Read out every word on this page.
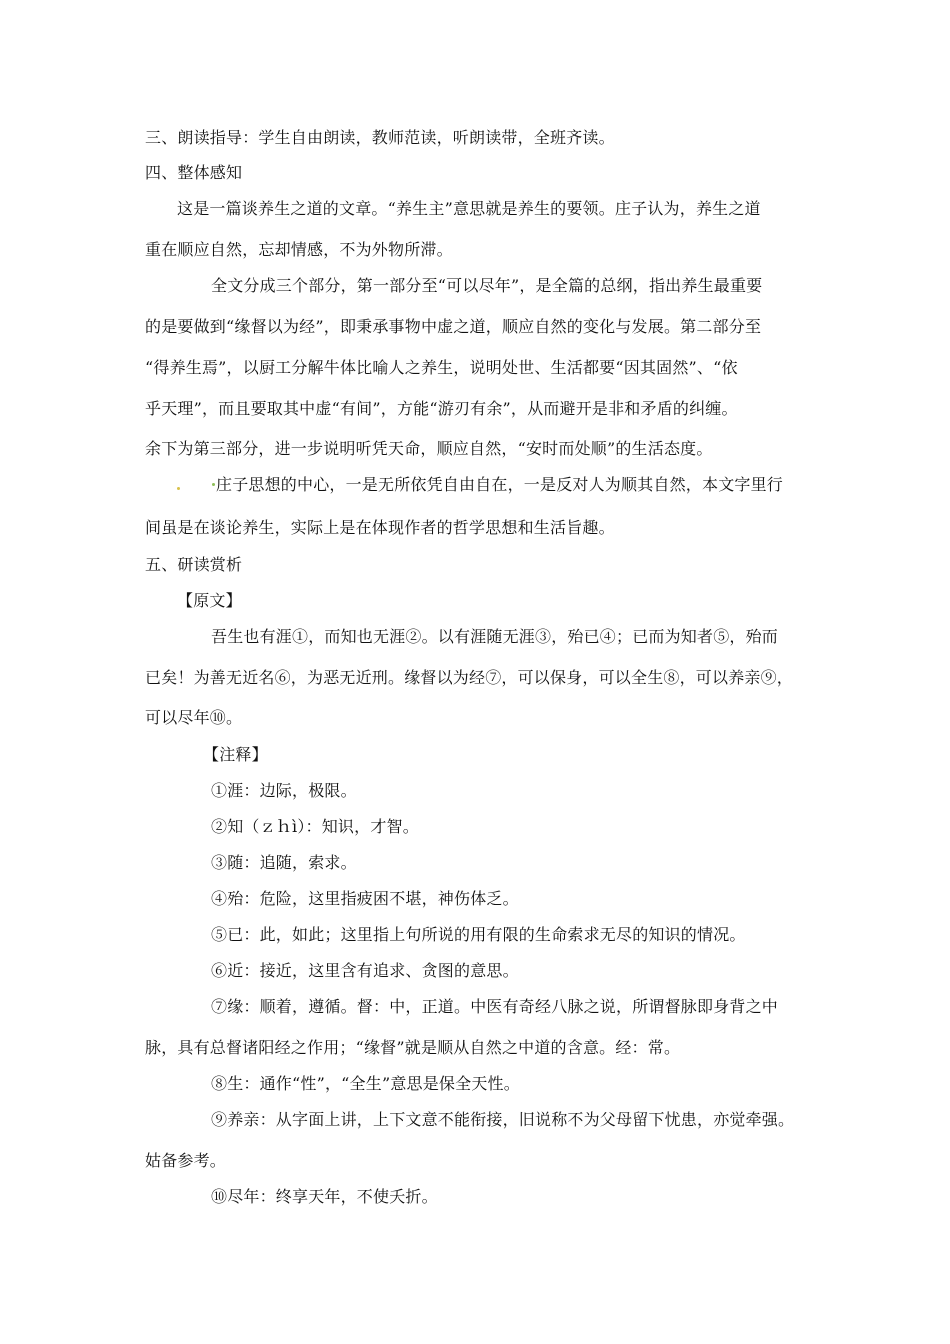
三、朗读指导：学生自由朗读，教师范读，听朗读带，全班齐读。
四、整体感知
这是一篇谈养生之道的文章。“养生主”意思就是养生的要领。庄子认为，养生之道
重在顺应自然，忘却情感，不为外物所滞。
全文分成三个部分，第一部分至“可以尽年”，是全篇的总纲，指出养生最重要
的是要做到“缘督以为经”，即秉承事物中虚之道，顺应自然的变化与发展。第二部分至
“得养生焉”，以厨工分解牛体比喻人之养生，说明处世、生活都要“因其固然”、“依
乎天理”，而且要取其中虚“有间”，方能“游刃有余”，从而避开是非和矛盾的纠缠。
余下为第三部分，进一步说明听凭天命，顺应自然，“安时而处顺”的生活态度。
庄子思想的中心，一是无所依凭自由自在，一是反对人为顺其自然，本文字里行
间虽是在谈论养生，实际上是在体现作者的哲学思想和生活旨趣。
五、研读赏析
【原文】
吾生也有涯①，而知也无涯②。以有涯随无涯③，殆已④；已而为知者⑤，殆而
已矣！为善无近名⑥，为恶无近刑。缘督以为经⑦，可以保身，可以全生⑧，可以养亲⑨，
可以尽年⑩。
【注释】
①涯：边际，极限。
②知（ｚｈì）：知识，才智。
③随：追随，索求。
④殆：危险，这里指疲困不堪，神伤体乏。
⑤已：此，如此；这里指上句所说的用有限的生命索求无尽的知识的情况。
⑥近：接近，这里含有追求、贪图的意思。
⑦缘：顺着，遵循。督：中，正道。中医有奇经八脉之说，所谓督脉即身背之中
脉，具有总督诸阳经之作用；“缘督”就是顺从自然之中道的含意。经：常。
⑧生：通作“性”，“全生”意思是保全天性。
⑨养亲：从字面上讲，上下文意不能衔接，旧说称不为父母留下忧患，亦觉牵强。
姑备参考。
⑩尽年：终享天年，不使夭折。
